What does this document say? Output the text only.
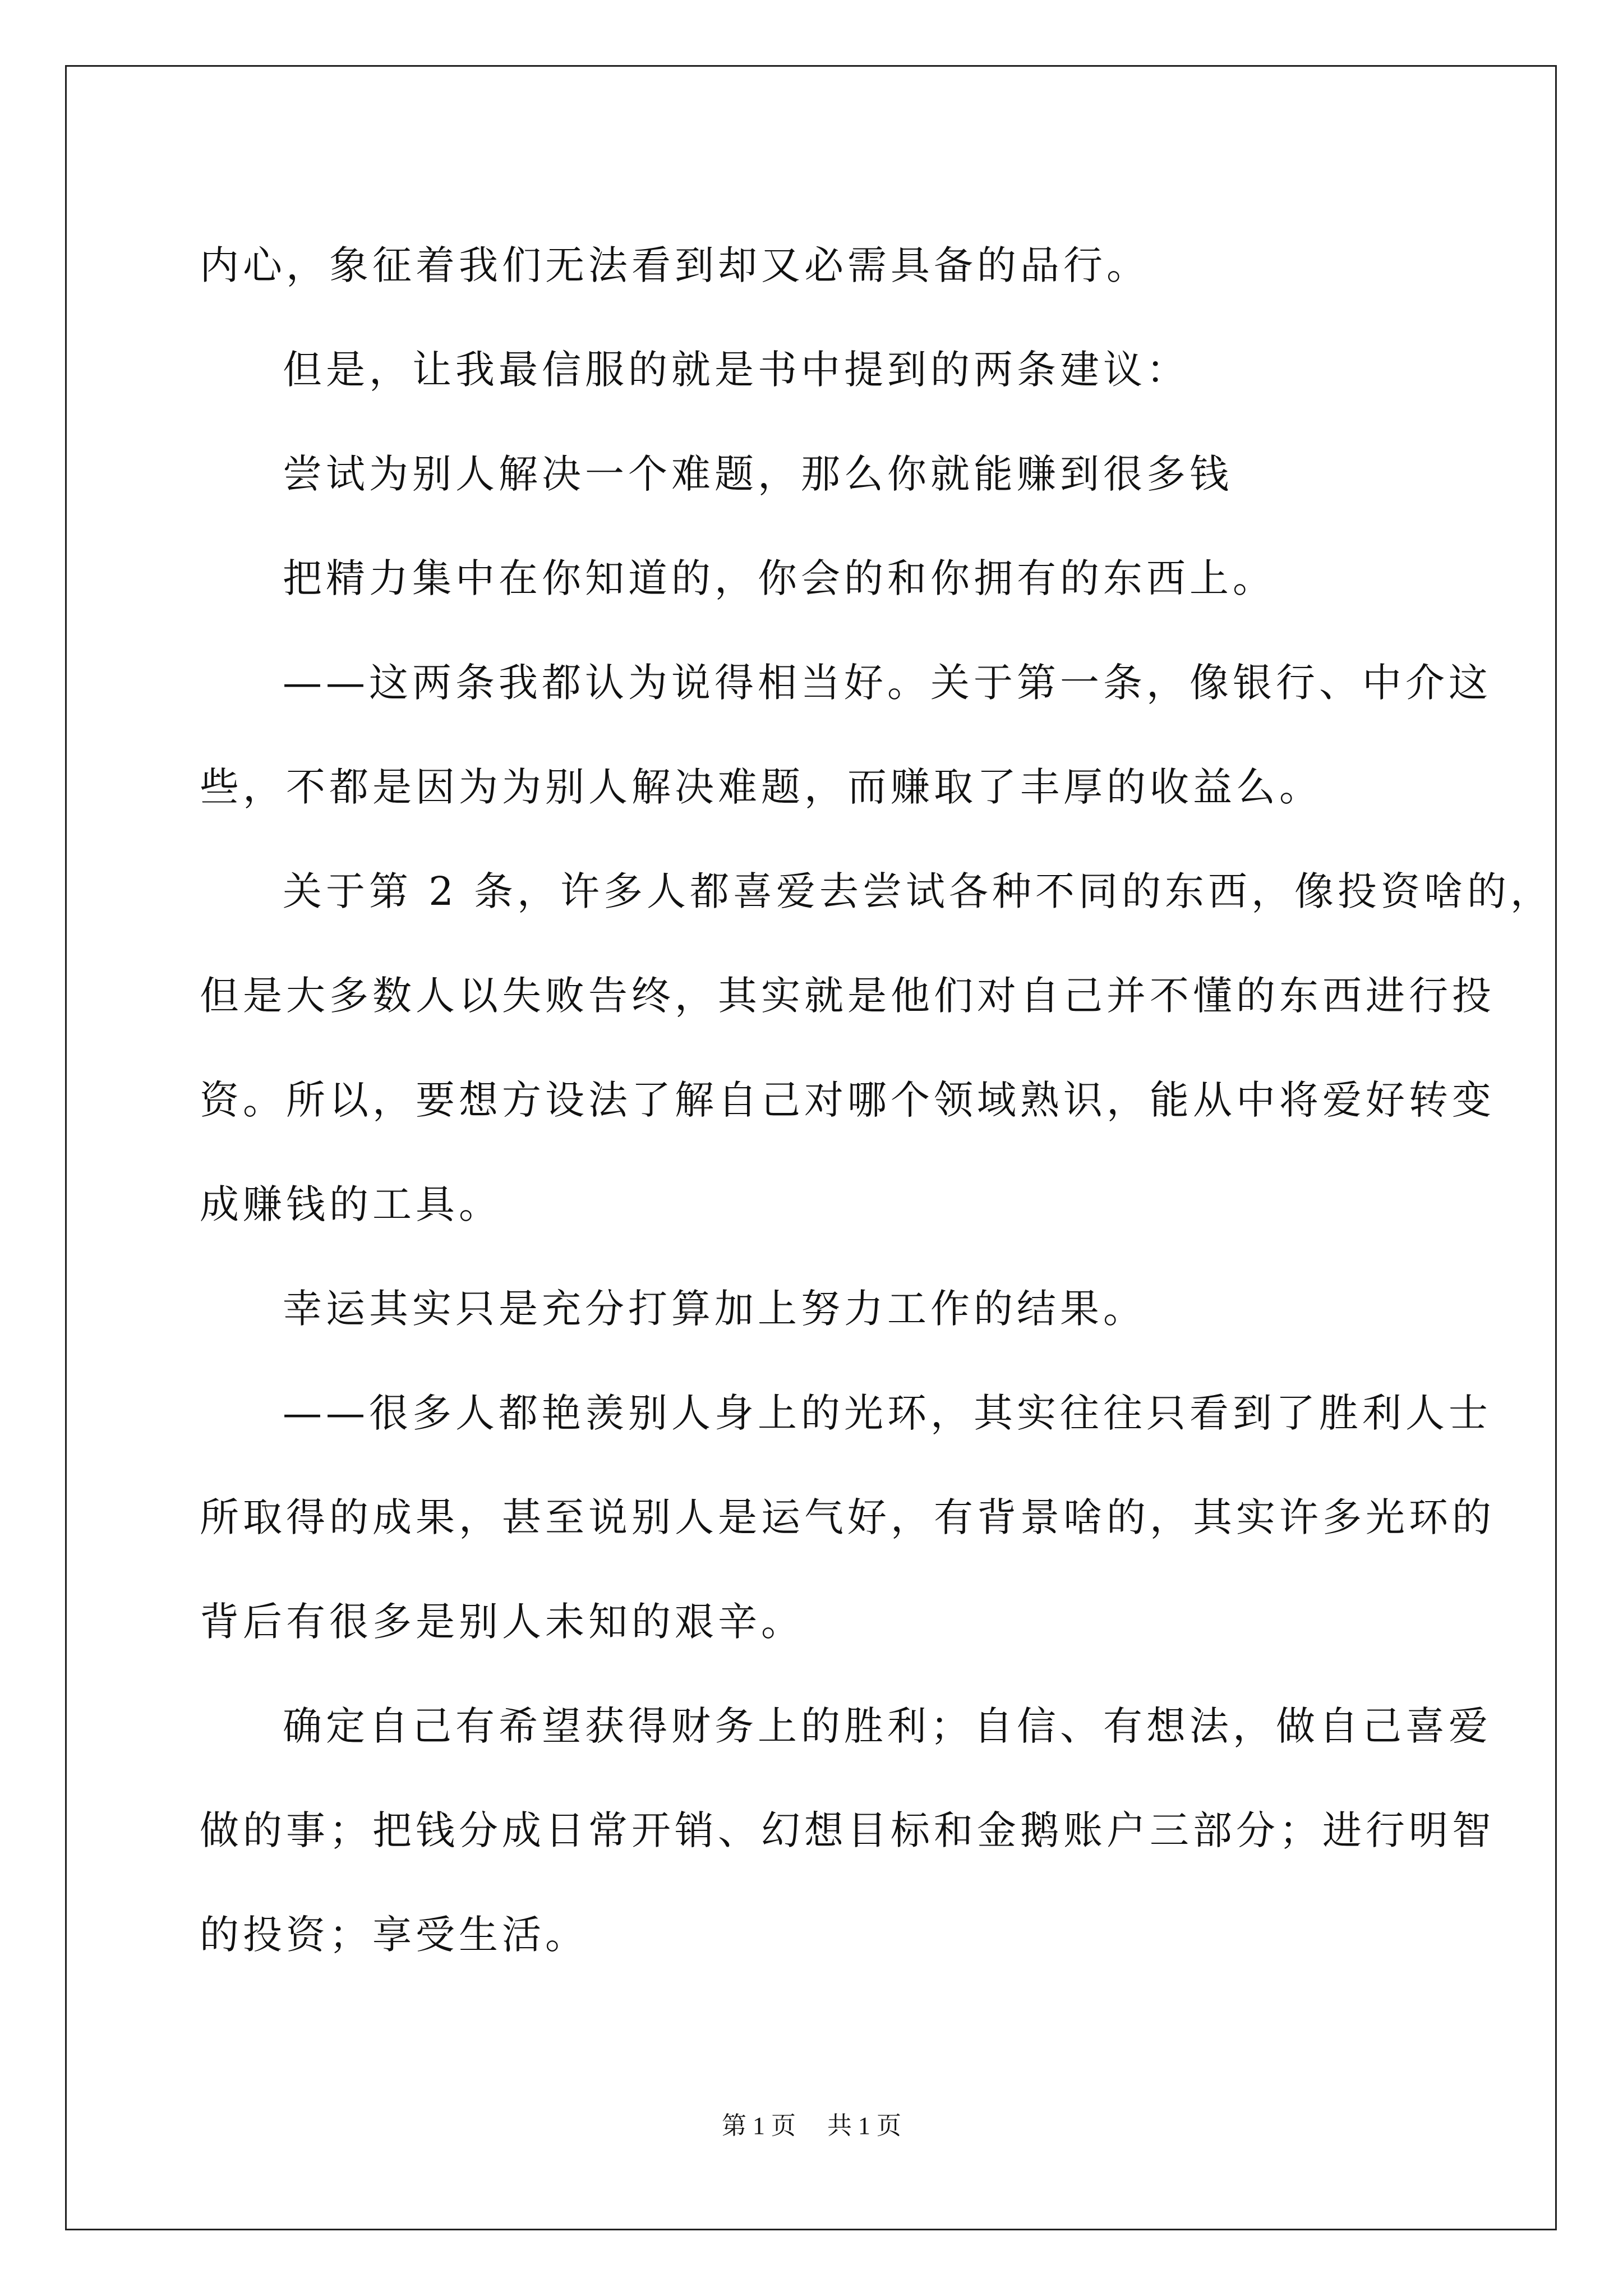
内心，象征着我们无法看到却又必需具备的品行。

但是，让我最信服的就是书中提到的两条建议：

尝试为别人解决一个难题，那么你就能赚到很多钱

把精力集中在你知道的，你会的和你拥有的东西上。

——这两条我都认为说得相当好。关于第一条，像银行、中介这

些，不都是因为为别人解决难题，而赚取了丰厚的收益么。

关于第 2 条，许多人都喜爱去尝试各种不同的东西，像投资啥的，

但是大多数人以失败告终，其实就是他们对自己并不懂的东西进行投

资。所以，要想方设法了解自己对哪个领域熟识，能从中将爱好转变

成赚钱的工具。

幸运其实只是充分打算加上努力工作的结果。

——很多人都艳羡别人身上的光环，其实往往只看到了胜利人士

所取得的成果，甚至说别人是运气好，有背景啥的，其实许多光环的

背后有很多是别人未知的艰辛。

确定自己有希望获得财务上的胜利；自信、有想法，做自己喜爱

做的事；把钱分成日常开销、幻想目标和金鹅账户三部分；进行明智

的投资；享受生活。

第 1 页 共 1 页
